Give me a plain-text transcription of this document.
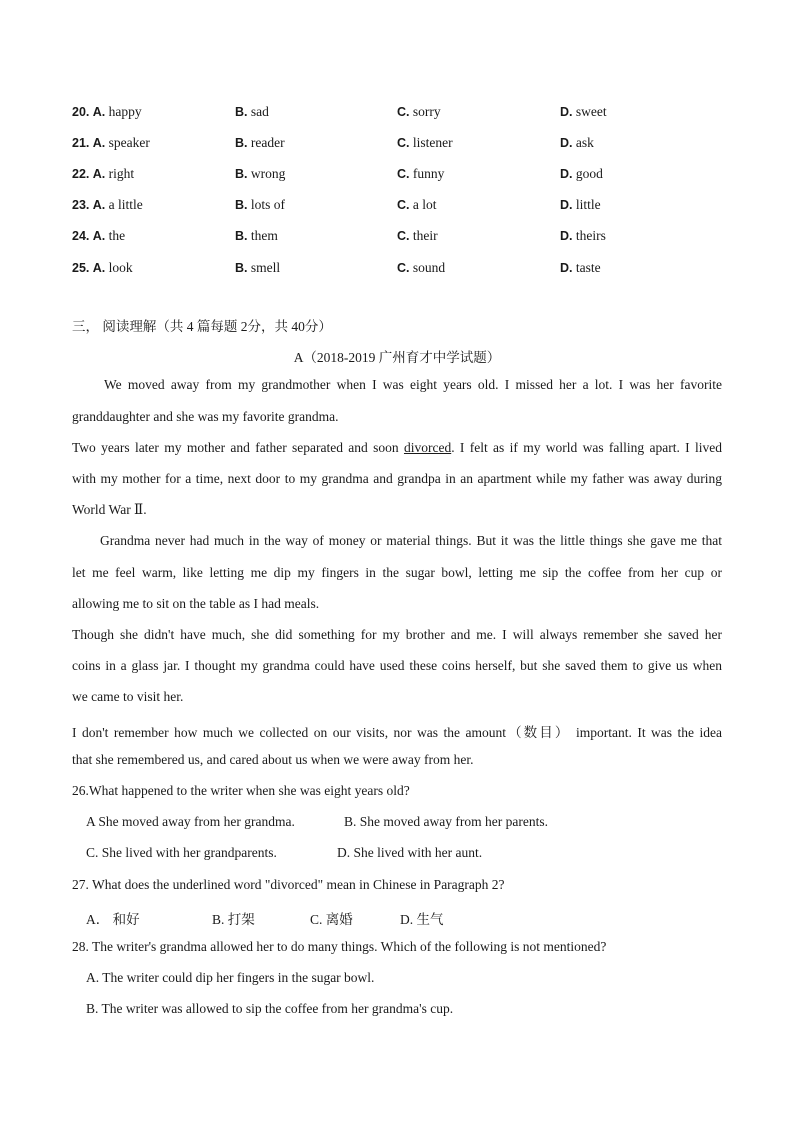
20. A. happy	B. sad	C. sorry	D. sweet
21. A. speaker	B. reader	C. listener	D. ask
22. A. right	B. wrong	C. funny	D. good
23. A. a little	B. lots of	C. a lot	D. little
24. A. the	B. them	C. their	D. theirs
25. A. look	B. smell	C. sound	D. taste
三， 阅读理解（共 4 篇每题 2分，共 40分）
A（2018-2019 广州育才中学试题）
We moved away from my grandmother when I was eight years old. I missed her a lot. I was her favorite
granddaughter and she was my favorite grandma.
Two years later my mother and father separated and soon divorced. I felt as if my world was falling apart. I lived
with my mother for a time, next door to my grandma and grandpa in an apartment while my father was away during
World War Ⅱ.
Grandma never had much in the way of money or material things. But it was the little things she gave me that
let me feel warm, like letting me dip my fingers in the sugar bowl, letting me sip the coffee from her cup or
allowing me to sit on the table as I had meals.
Though she didn't have much, she did something for my brother and me. I will always remember she saved her
coins in a glass jar. I thought my grandma could have used these coins herself, but she saved them to give us when
we came to visit her.
I don't remember how much we collected on our visits, nor was the amount（数目） important. It was the idea
that she remembered us, and cared about us when we were away from her.
26.What happened to the writer when she was eight years old?
A She moved away from her grandma.	B. She moved away from her parents.
C. She lived with her grandparents.	D. She lived with her aunt.
27. What does the underlined word "divorced" mean in Chinese in Paragraph 2?
A． 和好	B. 打架	C. 离婚	D. 生气
28. The writer's grandma allowed her to do many things. Which of the following is not mentioned?
A. The writer could dip her fingers in the sugar bowl.
B. The writer was allowed to sip the coffee from her grandma's cup.
